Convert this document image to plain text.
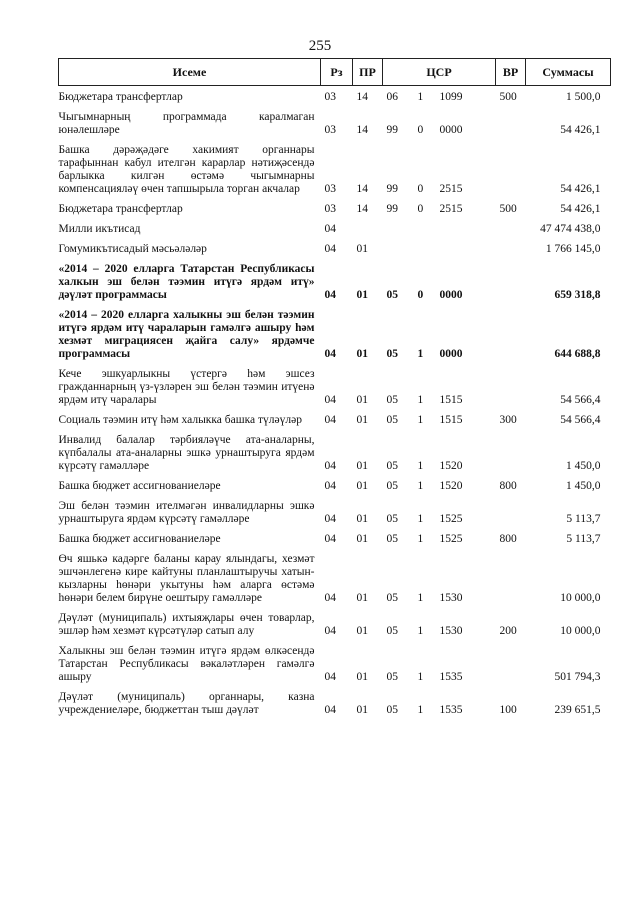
255
Исеме	Рз	ПР	ЦСР			ВР	Суммасы
Бюджетара трансфертлар	03	14	06	1	1099	500	1 500,0
Чыгымнарның программада каралмаган юнәлешләре	03	14	99	0	0000		54 426,1
Башка дәрәҗәдәге хакимият органнары тарафыннан кабул ителгән карарлар нәтиҗәсендә барлыкка килгән өстәмә чыгымнарны компенсацияләү өчен тапшырыла торган акчалар	03	14	99	0	2515		54 426,1
Бюджетара трансфертлар	03	14	99	0	2515	500	54 426,1
Милли икътисад	04						47 474 438,0
Гомумикътисадый мәсьәләләр	04	01					1 766 145,0
«2014 – 2020 елларга Татарстан Республикасы халкын эш белән тәэмин итүгә ярдәм итү» дәүләт программасы	04	01	05	0	0000		659 318,8
«2014 – 2020 елларга халыкны эш белән тәэмин итүгә ярдәм итү чараларын гамәлгә ашыру һәм хезмәт миграциясен җайга салу» ярдәмче программасы	04	01	05	1	0000		644 688,8
Кече эшкуарлыкны үстергә һәм эшсез гражданнарның үз-үзләрен эш белән тәэмин итүенә ярдәм итү чаралары	04	01	05	1	1515		54 566,4
Социаль тәэмин итү һәм халыкка башка түләүләр	04	01	05	1	1515	300	54 566,4
Инвалид балалар тәрбияләүче ата-аналарны, күпбалалы ата-аналарны эшкә урнаштыруга ярдәм күрсәтү гамәлләре	04	01	05	1	1520		1 450,0
Башка бюджет ассигнованиеләре	04	01	05	1	1520	800	1 450,0
Эш белән тәэмин ителмәгән инвалидларны эшкә урнаштыруга ярдәм күрсәтү гамәлләре	04	01	05	1	1525		5 113,7
Башка бюджет ассигнованиеләре	04	01	05	1	1525	800	5 113,7
Өч яшькә кадәрге баланы карау ялындагы, хезмәт эшчәнлегенә кире кайтуны планлаштыручы хатын-кызларны һөнәри укытуны һәм аларга өстәмә һөнәри белем бирүне оештыру гамәлләре	04	01	05	1	1530		10 000,0
Дәүләт (муниципаль) ихтыяҗлары өчен товарлар, эшләр һәм хезмәт күрсәтүләр сатып алу	04	01	05	1	1530	200	10 000,0
Халыкны эш белән тәэмин итүгә ярдәм өлкәсендә Татарстан Республикасы вәкаләтләрен гамәлгә ашыру	04	01	05	1	1535		501 794,3
Дәүләт (муниципаль) органнары, казна учреждениеләре, бюджеттан тыш дәүләт	04	01	05	1	1535	100	239 651,5
